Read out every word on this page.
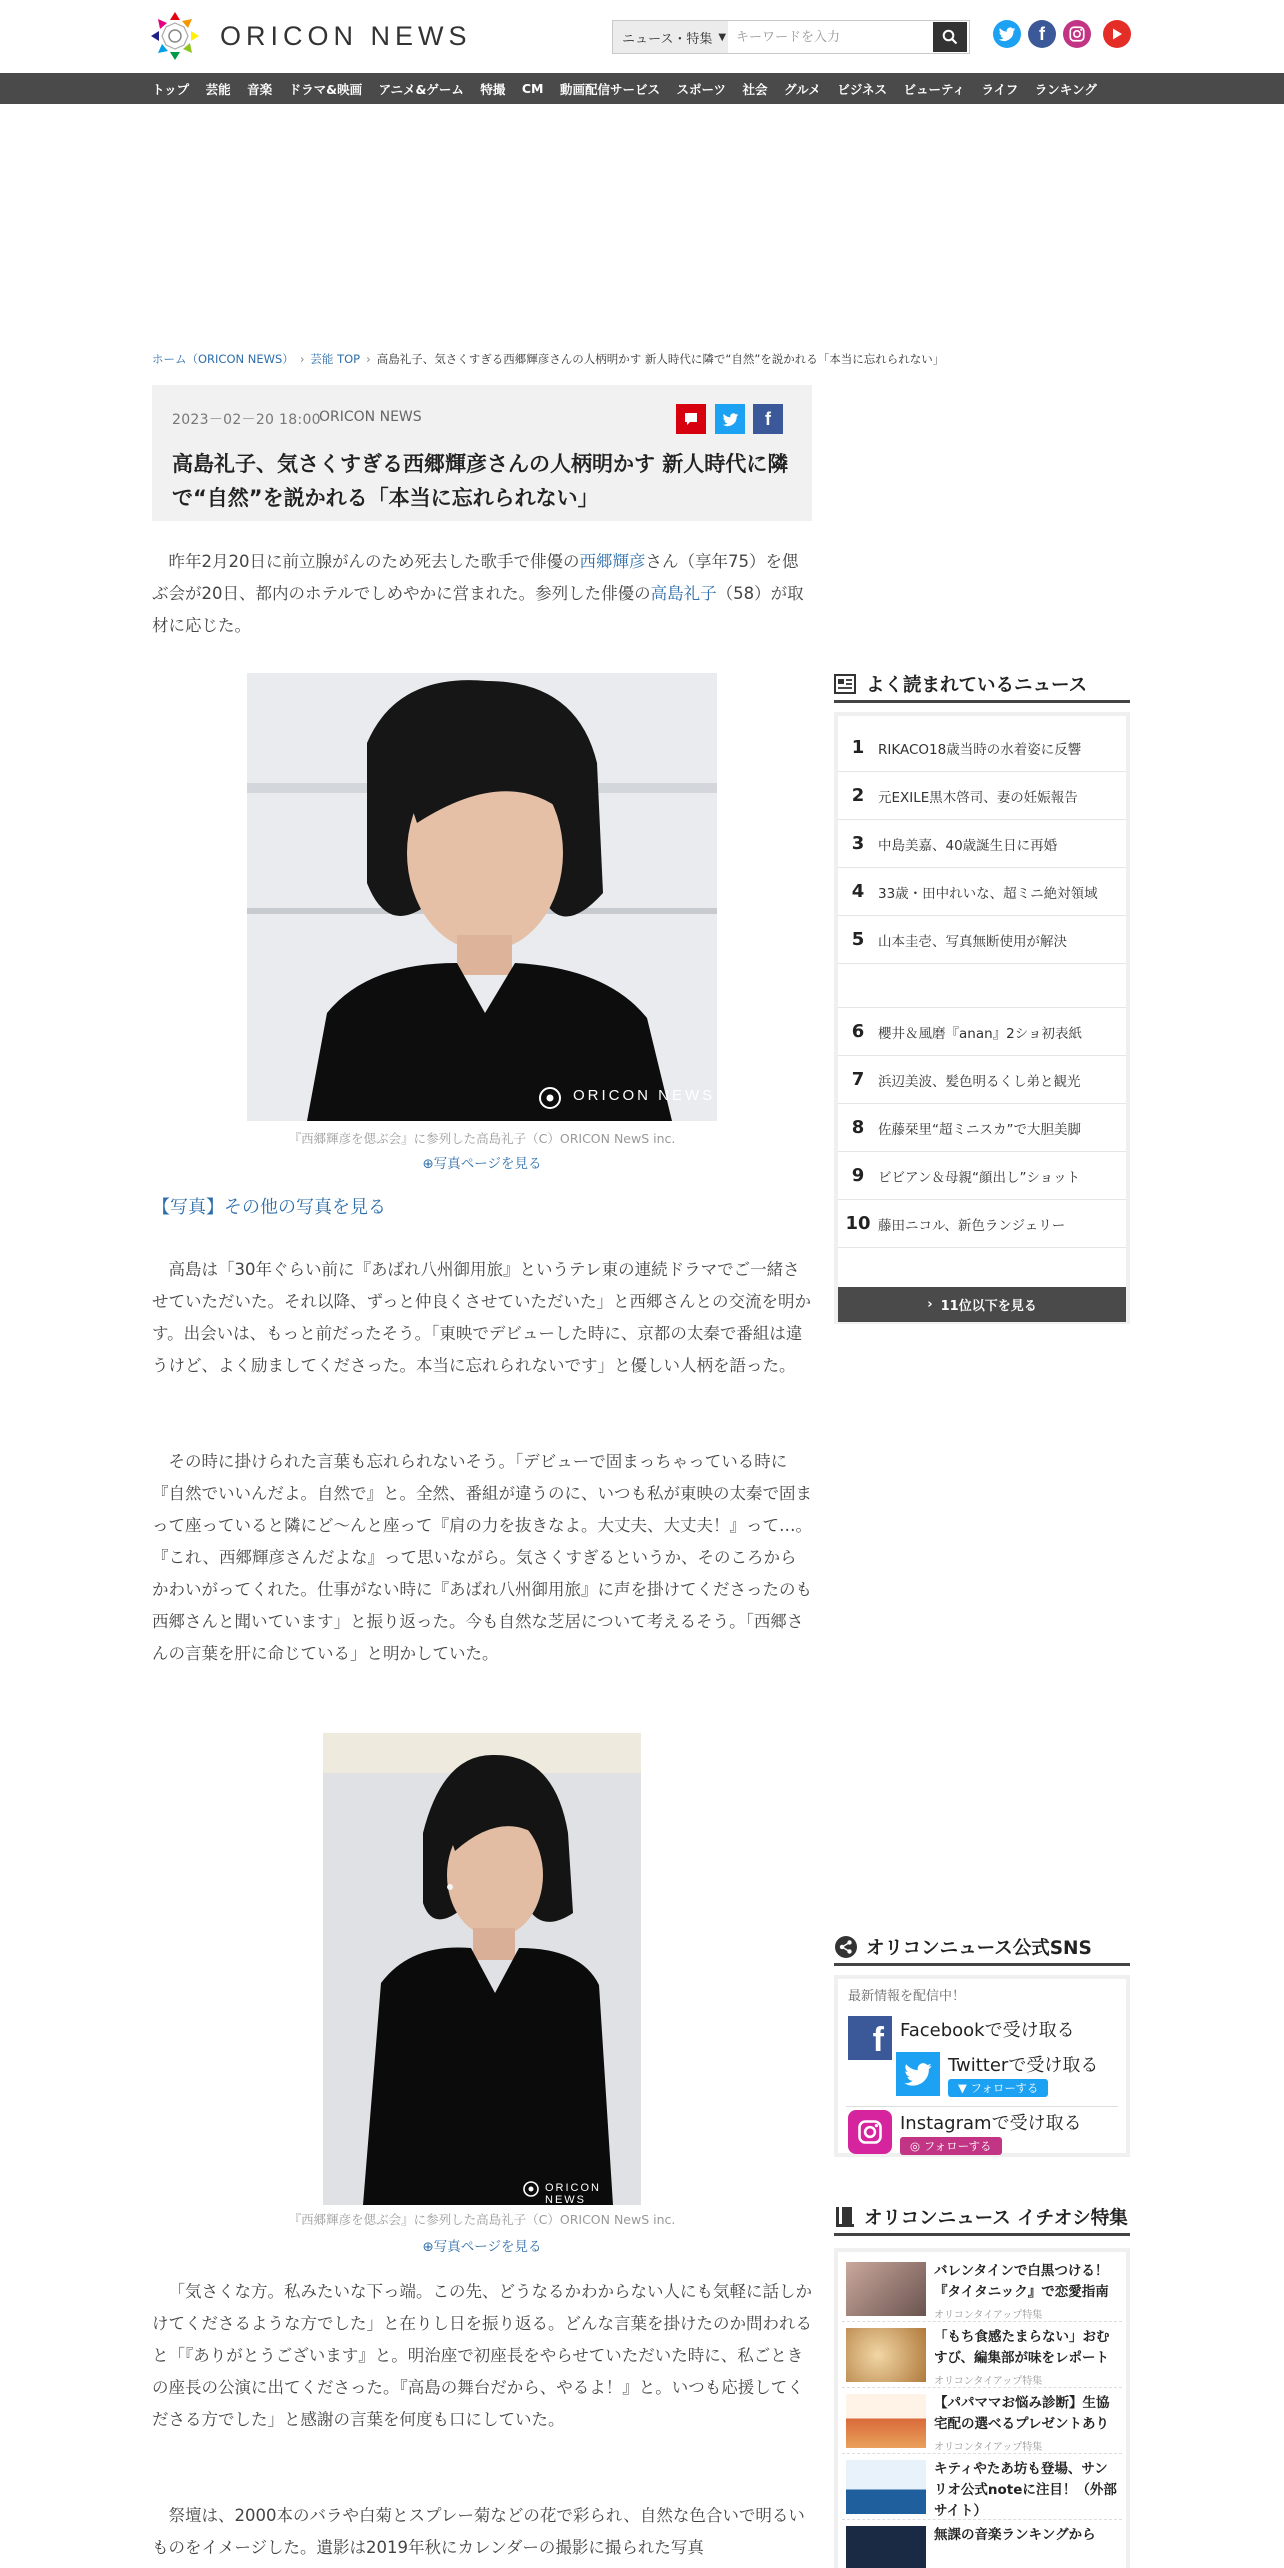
ORICON NEWS	ニュース・特集 ▼
キーワードを入力	f
トップ 芸能 音楽 ドラマ&映画 アニメ&ゲーム 特撮 CM 動画配信サービス スポーツ 社会 グルメ ビジネス ビューティ ライフ ランキング
ホーム（ORICON NEWS） › 芸能 TOP › 高島礼子、気さくすぎる西郷輝彦さんの人柄明かす 新人時代に隣で“自然”を説かれる「本当に忘れられない」
2023－02－20 18:00
ORICON NEWS	f
高島礼子、気さくすぎる西郷輝彦さんの人柄明かす 新人時代に隣で“自然”を説かれる「本当に忘れられない」

昨年2月20日に前立腺がんのため死去した歌手で俳優の西郷輝彦さん（享年75）を偲ぶ会が20日、都内のホテルでしめやかに営まれた。参列した俳優の高島礼子（58）が取材に応じた。

ORICON NEWS
『西郷輝彦を偲ぶ会』に参列した高島礼子（C）ORICON NewS inc.
⊕写真ページを見る
【写真】その他の写真を見る

高島は「30年ぐらい前に『あばれ八州御用旅』というテレ東の連続ドラマでご一緒させていただいた。それ以降、ずっと仲良くさせていただいた」と西郷さんとの交流を明かす。出会いは、もっと前だったそう。「東映でデビューした時に、京都の太秦で番組は違うけど、よく励ましてくださった。本当に忘れられないです」と優しい人柄を語った。

その時に掛けられた言葉も忘れられないそう。「デビューで固まっちゃっている時に『自然でいいんだよ。自然で』と。全然、番組が違うのに、いつも私が東映の太秦で固まって座っていると隣にど～んと座って『肩の力を抜きなよ。大丈夫、大丈夫！』って…。『これ、西郷輝彦さんだよな』って思いながら。気さくすぎるというか、そのころからかわいがってくれた。仕事がない時に『あばれ八州御用旅』に声を掛けてくださったのも西郷さんと聞いています」と振り返った。今も自然な芝居について考えるそう。「西郷さんの言葉を肝に命じている」と明かしていた。

ORICON NEWS
『西郷輝彦を偲ぶ会』に参列した高島礼子（C）ORICON NewS inc.
⊕写真ページを見る

「気さくな方。私みたいな下っ端。この先、どうなるかわからない人にも気軽に話しかけてくださるような方でした」と在りし日を振り返る。どんな言葉を掛けたのか問われると「『ありがとうございます』と。明治座で初座長をやらせていただいた時に、私ごときの座長の公演に出てくださった。『高島の舞台だから、やるよ！』と。いつも応援してくださる方でした」と感謝の言葉を何度も口にしていた。

祭壇は、2000本のバラや白菊とスプレー菊などの花で彩られ、自然な色合いで明るいものをイメージした。遺影は2019年秋にカレンダーの撮影に撮られた写真

よく読まれているニュース
1	RIKACO18歳当時の水着姿に反響
2	元EXILE黒木啓司、妻の妊娠報告
3	中島美嘉、40歳誕生日に再婚
4	33歳・田中れいな、超ミニ絶対領域
5	山本圭壱、写真無断使用が解決
6	櫻井＆風磨『anan』2ショ初表紙
7	浜辺美波、髪色明るくし弟と観光
8	佐藤栞里“超ミニスカ”で大胆美脚
9	ビビアン＆母親“顔出し”ショット
10 藤田ニコル、新色ランジェリー
› 11位以下を見る
オリコンニュース公式SNS
最新情報を配信中！
f Facebookで受け取る
Twitterで受け取る
▼ フォローする
Instagramで受け取る
◎ フォローする
オリコンニュース イチオシ特集
バレンタインで白黒つける！『タイタニック』で恋愛指南
オリコンタイアップ特集
「もち食感たまらない」おむすび、編集部が味をレポート
オリコンタイアップ特集
【パパママお悩み診断】生協宅配の選べるプレゼントあり
オリコンタイアップ特集
キティやたあ坊も登場、サンリオ公式noteに注目！（外部サイト）
無課の音楽ランキングから
